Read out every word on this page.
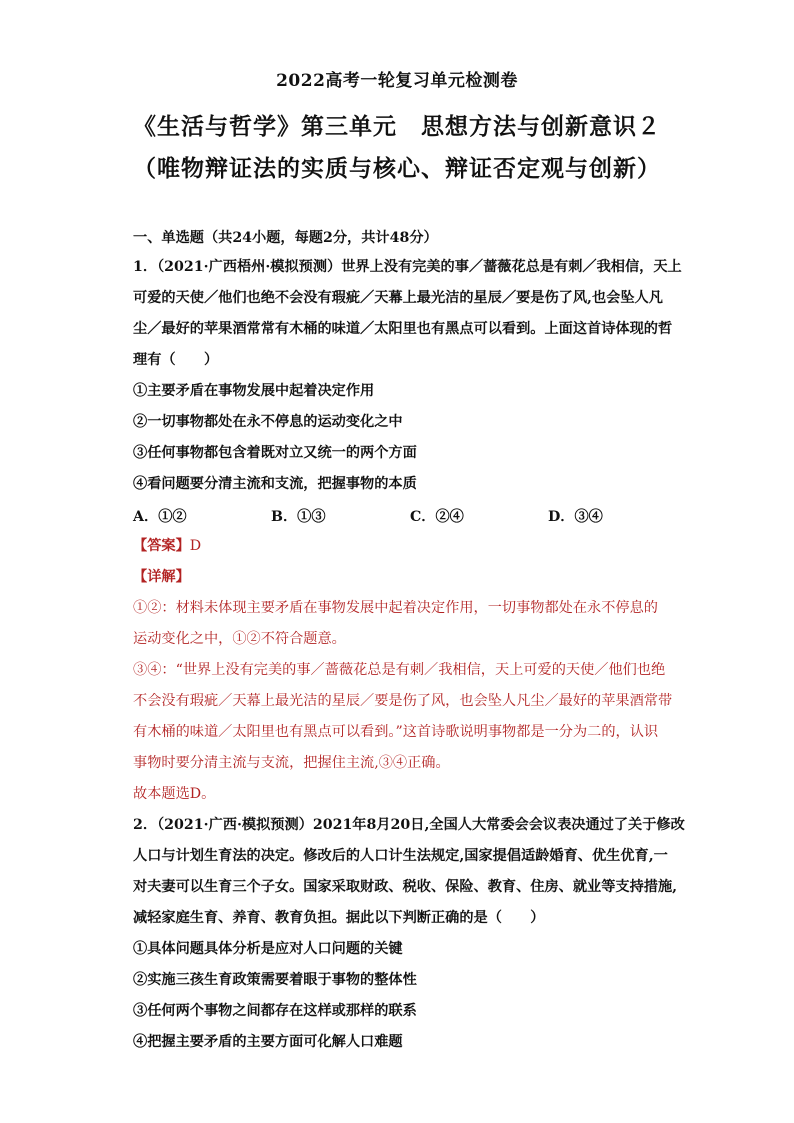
2022高考一轮复习单元检测卷
《生活与哲学》第三单元　思想方法与创新意识２
（唯物辩证法的实质与核心、辩证否定观与创新）
一、单选题（共24小题，每题2分，共计48分）
1．（2021·广西梧州·模拟预测）世界上没有完美的事／蔷薇花总是有刺／我相信，天上
可爱的天使／他们也绝不会没有瑕疵／天幕上最光洁的星辰／要是伤了风,也会坠人凡
尘／最好的苹果酒常常有木桶的味道／太阳里也有黑点可以看到。上面这首诗体现的哲
理有（　　）
①主要矛盾在事物发展中起着决定作用
②一切事物都处在永不停息的运动变化之中
③任何事物都包含着既对立又统一的两个方面
④看问题要分清主流和支流，把握事物的本质
A．①②	B．①③	C．②④	D．③④
【答案】D
【详解】
①②：材料未体现主要矛盾在事物发展中起着决定作用，一切事物都处在永不停息的
运动变化之中，①②不符合题意。
③④：“世界上没有完美的事／蔷薇花总是有刺／我相信，天上可爱的天使／他们也绝
不会没有瑕疵／天幕上最光洁的星辰／要是伤了风，也会坠人凡尘／最好的苹果酒常带
有木桶的味道／太阳里也有黑点可以看到。”这首诗歌说明事物都是一分为二的，认识
事物时要分清主流与支流，把握住主流,③④正确。
故本题选D。
2．（2021·广西·模拟预测）2021年8月20日,全国人大常委会会议表决通过了关于修改
人口与计划生育法的决定。修改后的人口计生法规定,国家提倡适龄婚育、优生优育,一
对夫妻可以生育三个子女。国家采取财政、税收、保险、教育、住房、就业等支持措施,
减轻家庭生育、养育、教育负担。据此以下判断正确的是（　　）
①具体问题具体分析是应对人口问题的关键
②实施三孩生育政策需要着眼于事物的整体性
③任何两个事物之间都存在这样或那样的联系
④把握主要矛盾的主要方面可化解人口难题
